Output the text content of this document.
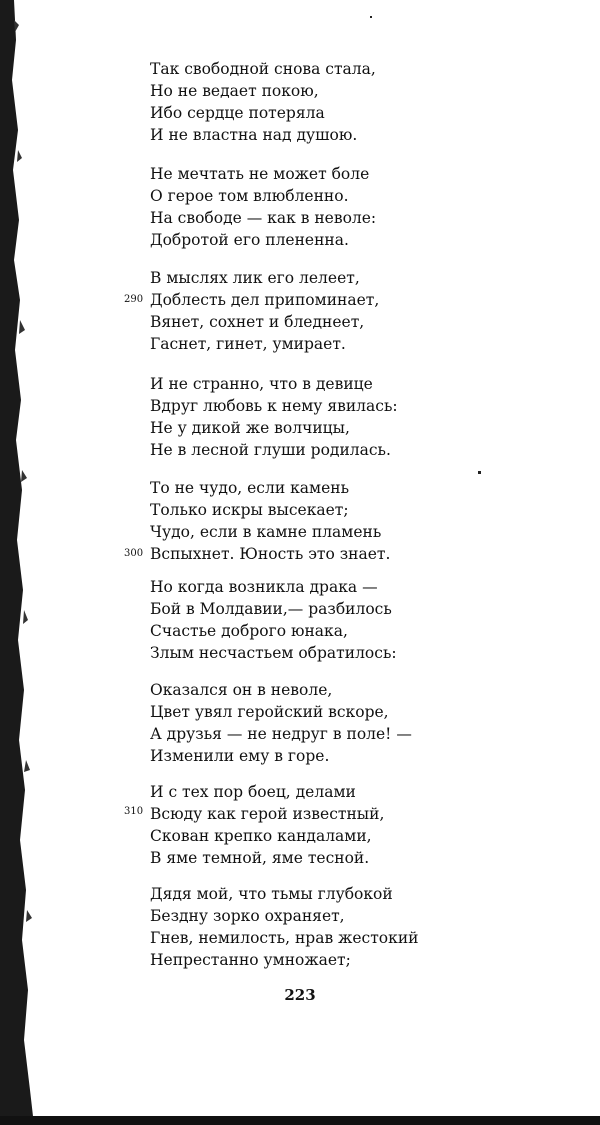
Так свободной снова стала,
Но не ведает покою,
Ибо сердце потеряла
И не властна над душою.
Не мечтать не может боле
О герое том влюбленно.
На свободе — как в неволе:
Добротой его плененна.
В мыслях лик его лелеет,
Доблесть дел припоминает,
Вянет, сохнет и бледнеет,
Гаснет, гинет, умирает.
290
И не странно, что в девице
Вдруг любовь к нему явилась:
Не у дикой же волчицы,
Не в лесной глуши родилась.
То не чудо, если камень
Только искры высекает;
Чудо, если в камне пламень
Вспыхнет. Юность это знает.
300
Но когда возникла драка —
Бой в Молдавии,— разбилось
Счастье доброго юнака,
Злым несчастьем обратилось:
Оказался он в неволе,
Цвет увял геройский вскоре,
А друзья — не недруг в поле! —
Изменили ему в горе.
И с тех пор боец, делами
Всюду как герой известный,
Скован крепко кандалами,
В яме темной, яме тесной.
310
Дядя мой, что тьмы глубокой
Бездну зорко охраняет,
Гнев, немилость, нрав жестокий
Непрестанно умножает;
223
